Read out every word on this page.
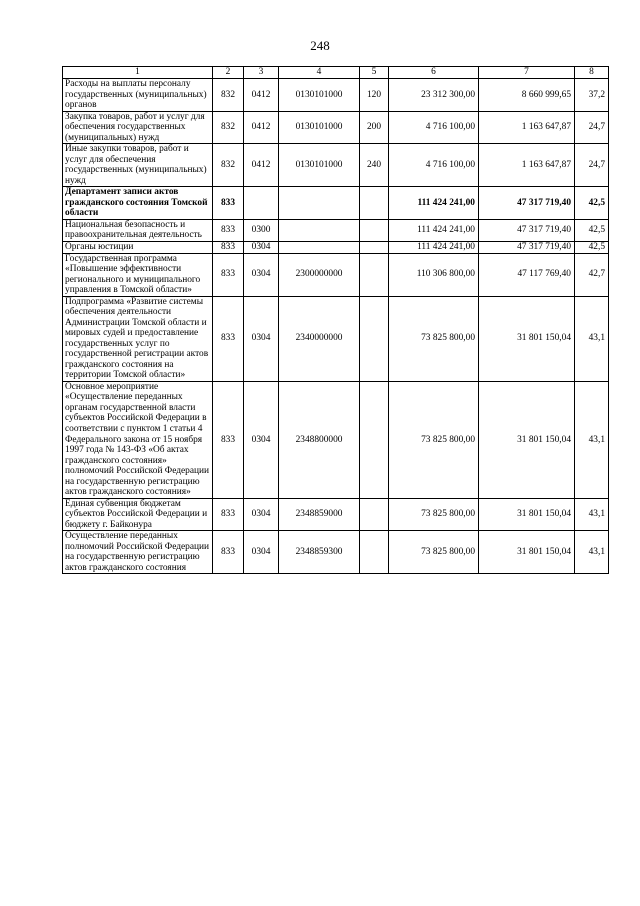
248
1	2	3	4	5	6	7	8
Расходы на выплаты персоналу государственных (муниципальных) органов	832	0412	0130101000	120	23 312 300,00	8 660 999,65	37,2
Закупка товаров, работ и услуг для обеспечения государственных (муниципальных) нужд	832	0412	0130101000	200	4 716 100,00	1 163 647,87	24,7
Иные закупки товаров, работ и услуг для обеспечения государственных (муниципальных) нужд	832	0412	0130101000	240	4 716 100,00	1 163 647,87	24,7
Департамент записи актов гражданского состояния Томской области	833				111 424 241,00	47 317 719,40	42,5
Национальная безопасность и правоохранительная деятельность	833	0300			111 424 241,00	47 317 719,40	42,5
Органы юстиции	833	0304			111 424 241,00	47 317 719,40	42,5
Государственная программа «Повышение эффективности регионального и муниципального управления в Томской области»	833	0304	2300000000		110 306 800,00	47 117 769,40	42,7
Подпрограмма «Развитие системы обеспечения деятельности Администрации Томской области и мировых судей и предоставление государственных услуг по государственной регистрации актов гражданского состояния на территории Томской области»	833	0304	2340000000		73 825 800,00	31 801 150,04	43,1
Основное мероприятие «Осуществление переданных органам государственной власти субъектов Российской Федерации в соответствии с пунктом 1 статьи 4 Федерального закона от 15 ноября 1997 года № 143-ФЗ «Об актах гражданского состояния» полномочий Российской Федерации на государственную регистрацию актов гражданского состояния»	833	0304	2348800000		73 825 800,00	31 801 150,04	43,1
Единая субвенция бюджетам субъектов Российской Федерации и бюджету г. Байконура	833	0304	2348859000		73 825 800,00	31 801 150,04	43,1
Осуществление переданных полномочий Российской Федерации на государственную регистрацию актов гражданского состояния	833	0304	2348859300		73 825 800,00	31 801 150,04	43,1
